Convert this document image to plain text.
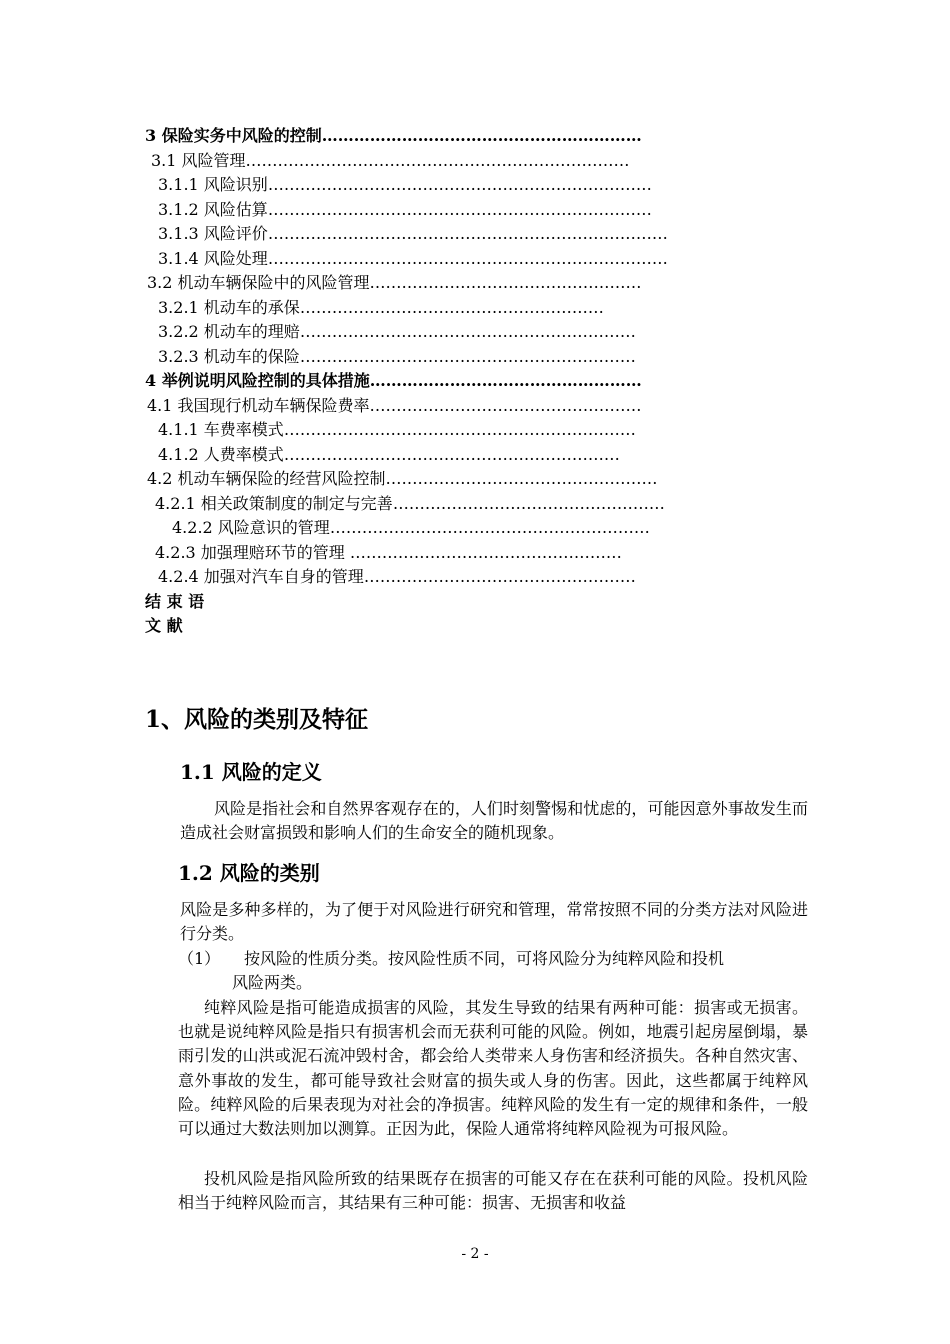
3 保险实务中风险的控制……………………………………………………
3.1 风险管理………………………………………………………………
3.1.1 风险识别………………………………………………………………
3.1.2 风险估算………………………………………………………………
3.1.3 风险评价…………………………………………………………………
3.1.4 风险处理…………………………………………………………………
3.2 机动车辆保险中的风险管理……………………………………………
3.2.1 机动车的承保…………………………………………………
3.2.2 机动车的理赔………………………………………………………
3.2.3 机动车的保险………………………………………………………
4 举例说明风险控制的具体措施……………………………………………
4.1 我国现行机动车辆保险费率……………………………………………
4.1.1 车费率模式…………………………………………………………
4.1.2 人费率模式………………………………………………………
4.2 机动车辆保险的经营风险控制……………………………………………
4.2.1 相关政策制度的制定与完善……………………………………………
4.2.2 风险意识的管理……………………………………………………
4.2.3 加强理赔环节的管理 ……………………………………………
4.2.4 加强对汽车自身的管理……………………………………………
结 束 语
文 献
1、风险的类别及特征
1.1 风险的定义
风险是指社会和自然界客观存在的，人们时刻警惕和忧虑的，可能因意外事故发生而造成社会财富损毁和影响人们的生命安全的随机现象。
1.2 风险的类别
风险是多种多样的，为了便于对风险进行研究和管理，常常按照不同的分类方法对风险进行分类。
（1） 按风险的性质分类。按风险性质不同，可将风险分为纯粹风险和投机
风险两类。
纯粹风险是指可能造成损害的风险，其发生导致的结果有两种可能：损害或无损害。也就是说纯粹风险是指只有损害机会而无获利可能的风险。例如，地震引起房屋倒塌，暴雨引发的山洪或泥石流冲毁村舍，都会给人类带来人身伤害和经济损失。各种自然灾害、意外事故的发生，都可能导致社会财富的损失或人身的伤害。因此，这些都属于纯粹风险。纯粹风险的后果表现为对社会的净损害。纯粹风险的发生有一定的规律和条件，一般可以通过大数法则加以测算。正因为此，保险人通常将纯粹风险视为可报风险。
投机风险是指风险所致的结果既存在损害的可能又存在在获利可能的风险。投机风险相当于纯粹风险而言，其结果有三种可能：损害、无损害和收益
- 2 -
